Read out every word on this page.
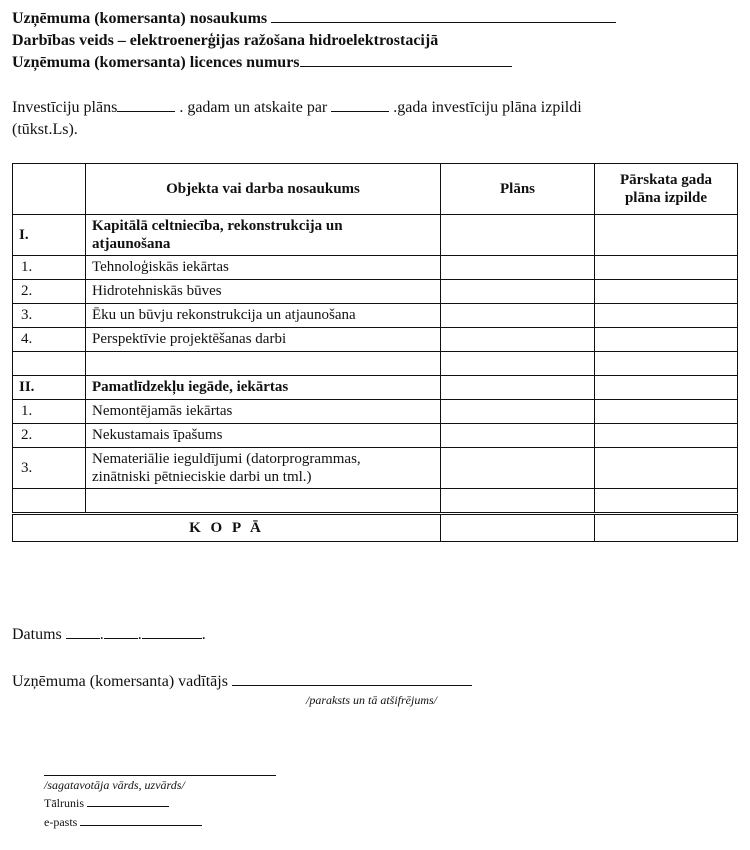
Uzņēmuma (komersanta) nosaukums
Darbības veids – elektroenerģijas ražošana hidroelektrostacijā
Uzņēmuma (komersanta) licences numurs
Investīciju plāns	. gadam un atskaite par	.gada investīciju plāna izpildi
(tūkst.Ls).
	Objekta vai darba nosaukums	Plāns	Pārskata gada
plāna izpilde
I.	Kapitālā celtniecība, rekonstrukcija un
atjaunošana		
1.	Tehnoloģiskās iekārtas		
2.	Hidrotehniskās būves		
3.	Ēku un būvju rekonstrukcija un atjaunošana		
4.	Perspektīvie projektēšanas darbi		

II.	Pamatlīdzekļu iegāde, iekārtas		
1.	Nemontējamās iekārtas		
2.	Nekustamais īpašums		
3.	Nemateriālie ieguldījumi (datorprogrammas,
zinātniski pētnieciskie darbi un tml.)		

K O P Ā			
Datums . .	.
Uzņēmuma (komersanta) vadītājs
/paraksts un tā atšifrējums/
/sagatavotāja vārds, uzvārds/
Tālrunis
e-pasts
